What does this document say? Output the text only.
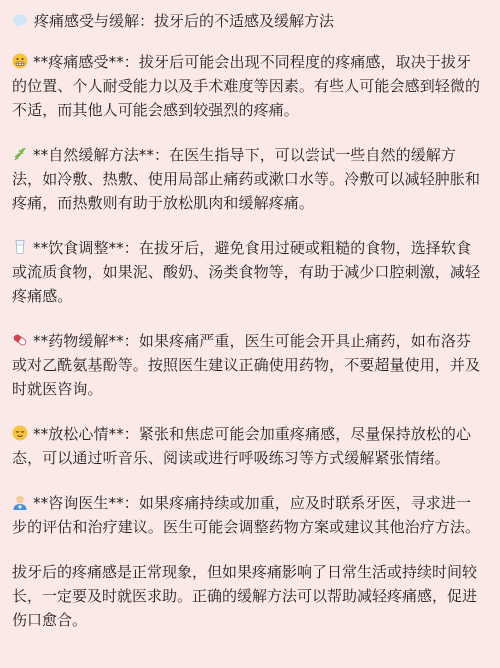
疼痛感受与缓解：拔牙后的不适感及缓解方法
**疼痛感受**：拔牙后可能会出现不同程度的疼痛感，取决于拔牙的位置、个人耐受能力以及手术难度等因素。有些人可能会感到轻微的不适，而其他人可能会感到较强烈的疼痛。
**自然缓解方法**：在医生指导下，可以尝试一些自然的缓解方法，如冷敷、热敷、使用局部止痛药或漱口水等。冷敷可以减轻肿胀和疼痛，而热敷则有助于放松肌肉和缓解疼痛。
**饮食调整**：在拔牙后，避免食用过硬或粗糙的食物，选择软食或流质食物，如果泥、酸奶、汤类食物等，有助于减少口腔刺激，减轻疼痛感。
**药物缓解**：如果疼痛严重，医生可能会开具止痛药，如布洛芬或对乙酰氨基酚等。按照医生建议正确使用药物，不要超量使用，并及时就医咨询。
**放松心情**：紧张和焦虑可能会加重疼痛感，尽量保持放松的心态，可以通过听音乐、阅读或进行呼吸练习等方式缓解紧张情绪。
**咨询医生**：如果疼痛持续或加重，应及时联系牙医，寻求进一步的评估和治疗建议。医生可能会调整药物方案或建议其他治疗方法。
拔牙后的疼痛感是正常现象，但如果疼痛影响了日常生活或持续时间较长，一定要及时就医求助。正确的缓解方法可以帮助减轻疼痛感，促进伤口愈合。
